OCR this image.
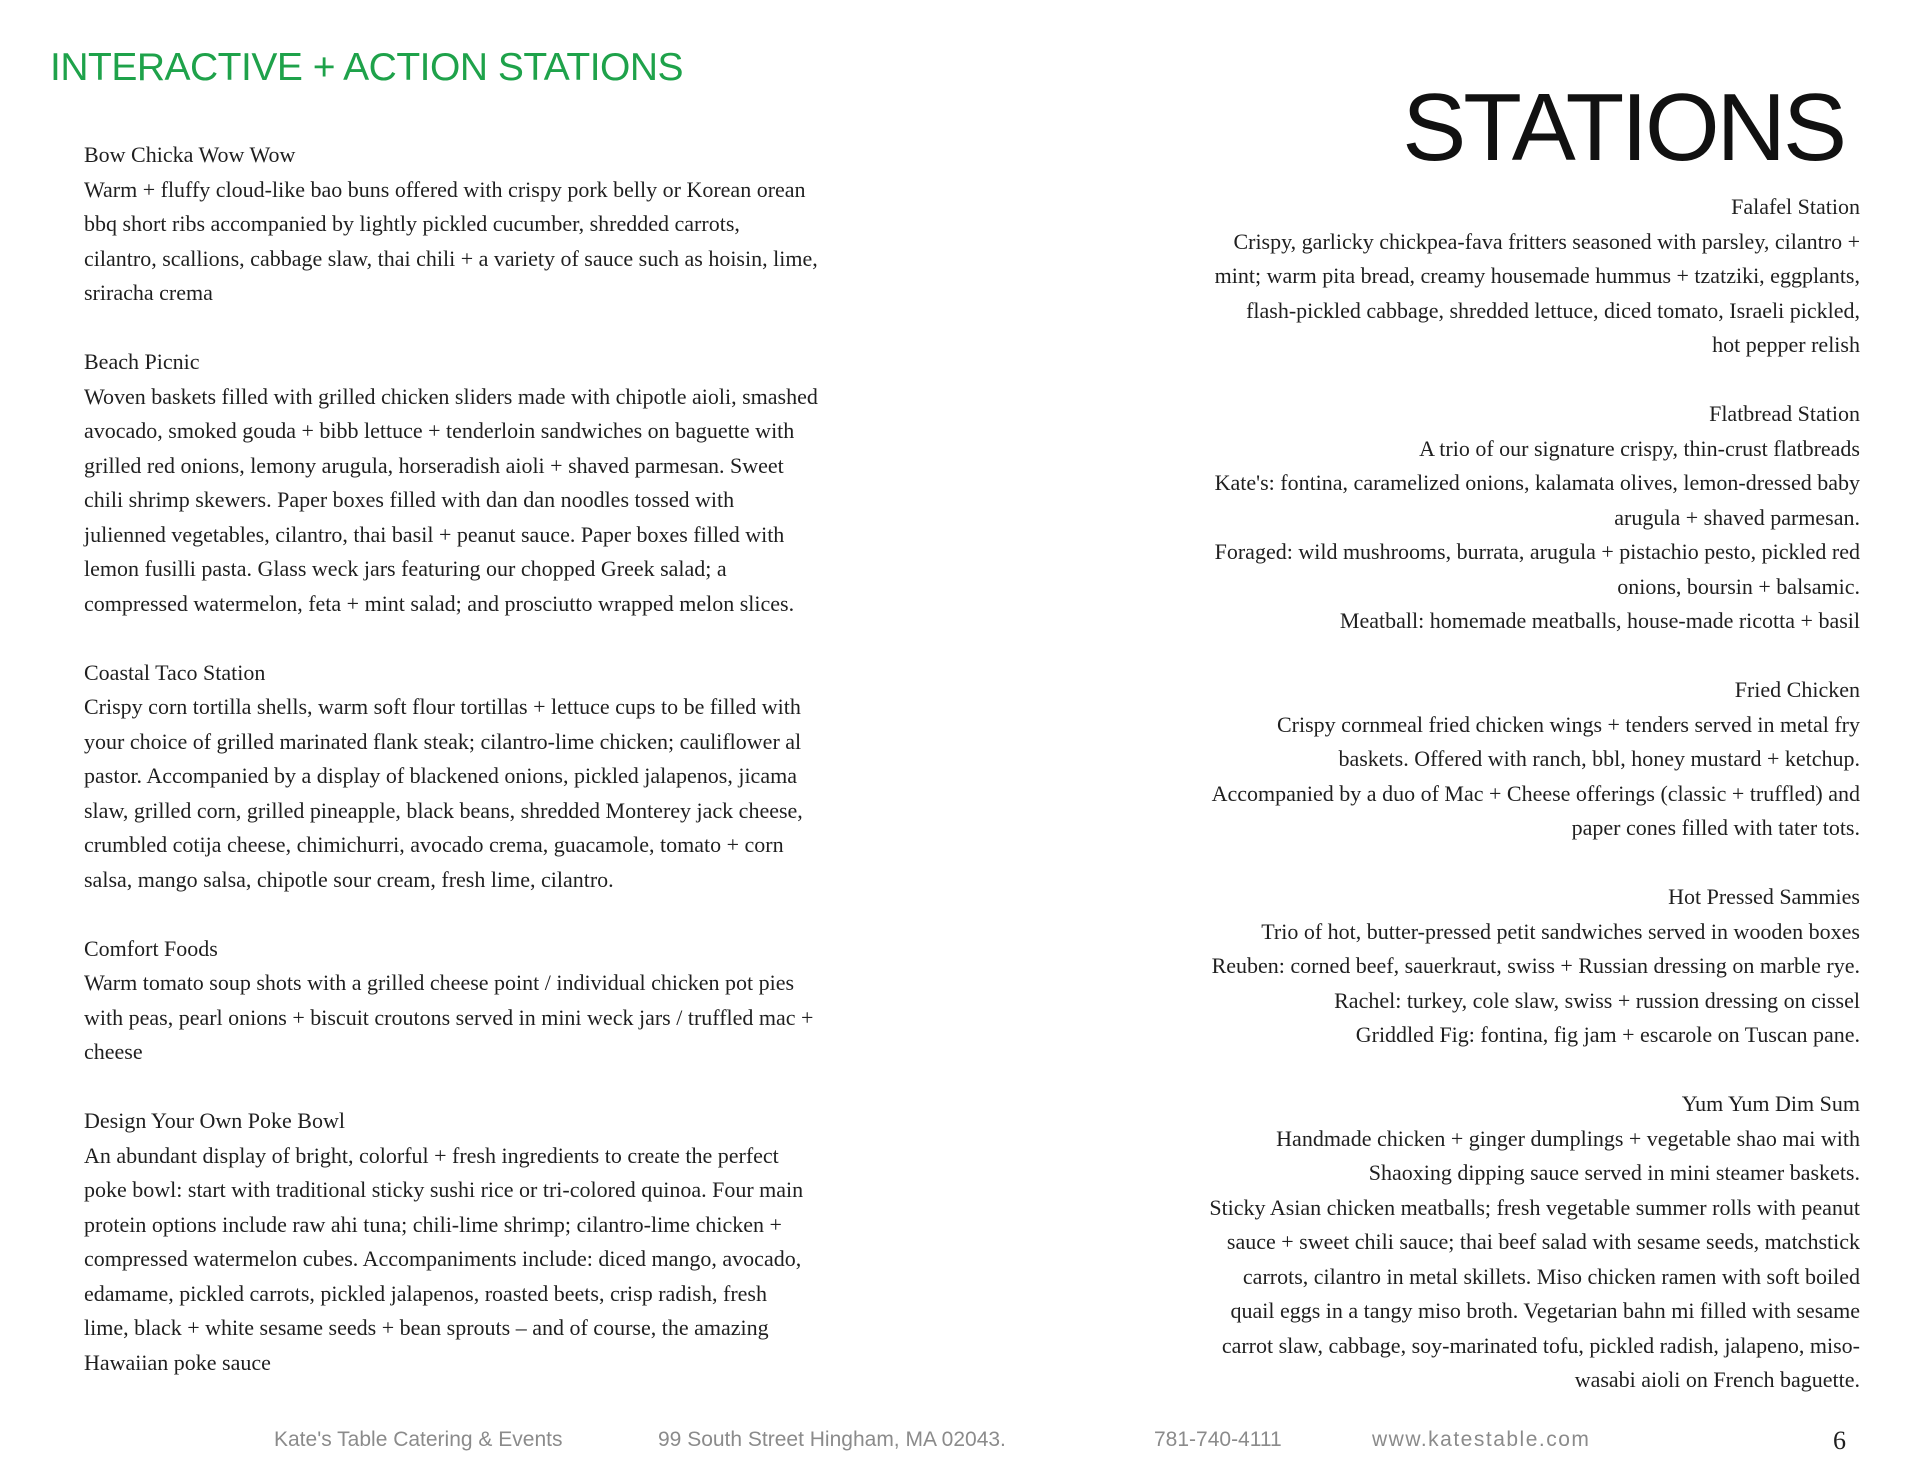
INTERACTIVE + ACTION STATIONS
STATIONS
Bow Chicka Wow Wow
Warm + fluffy cloud-like bao buns offered with crispy pork belly or Korean orean
bbq short ribs accompanied by lightly pickled cucumber, shredded carrots,
cilantro, scallions, cabbage slaw, thai chili + a variety of sauce such as hoisin, lime,
sriracha crema
Beach Picnic
Woven baskets filled with grilled chicken sliders made with chipotle aioli, smashed
avocado, smoked gouda + bibb lettuce + tenderloin sandwiches on baguette with
grilled red onions, lemony arugula, horseradish aioli + shaved parmesan. Sweet
chili shrimp skewers. Paper boxes filled with dan dan noodles tossed with
julienned vegetables, cilantro, thai basil + peanut sauce. Paper boxes filled with
lemon fusilli pasta. Glass weck jars featuring our chopped Greek salad; a
compressed watermelon, feta + mint salad; and prosciutto wrapped melon slices.
Coastal Taco Station
Crispy corn tortilla shells, warm soft flour tortillas + lettuce cups to be filled with
your choice of grilled marinated flank steak; cilantro-lime chicken; cauliflower al
pastor. Accompanied by a display of blackened onions, pickled jalapenos, jicama
slaw, grilled corn, grilled pineapple, black beans, shredded Monterey jack cheese,
crumbled cotija cheese, chimichurri, avocado crema, guacamole, tomato + corn
salsa, mango salsa, chipotle sour cream, fresh lime, cilantro.
Comfort Foods
Warm tomato soup shots with a grilled cheese point / individual chicken pot pies
with peas, pearl onions + biscuit croutons served in mini weck jars / truffled mac +
cheese
Design Your Own Poke Bowl
An abundant display of bright, colorful + fresh ingredients to create the perfect
poke bowl: start with traditional sticky sushi rice or tri-colored quinoa. Four main
protein options include raw ahi tuna; chili-lime shrimp; cilantro-lime chicken +
compressed watermelon cubes. Accompaniments include: diced mango, avocado,
edamame, pickled carrots, pickled jalapenos, roasted beets, crisp radish, fresh
lime, black + white sesame seeds + bean sprouts – and of course, the amazing
Hawaiian poke sauce
Falafel Station
Crispy, garlicky chickpea-fava fritters seasoned with parsley, cilantro +
mint; warm pita bread, creamy housemade hummus + tzatziki, eggplants,
flash-pickled cabbage, shredded lettuce, diced tomato, Israeli pickled,
hot pepper relish
Flatbread Station
A trio of our signature crispy, thin-crust flatbreads
Kate's: fontina, caramelized onions, kalamata olives, lemon-dressed baby
arugula + shaved parmesan.
Foraged: wild mushrooms, burrata, arugula + pistachio pesto, pickled red
onions, boursin + balsamic.
Meatball: homemade meatballs, house-made ricotta + basil
Fried Chicken
Crispy cornmeal fried chicken wings + tenders served in metal fry
baskets. Offered with ranch, bbl, honey mustard + ketchup.
Accompanied by a duo of Mac + Cheese offerings (classic + truffled) and
paper cones filled with tater tots.
Hot Pressed Sammies
Trio of hot, butter-pressed petit sandwiches served in wooden boxes
Reuben: corned beef, sauerkraut, swiss + Russian dressing on marble rye.
Rachel: turkey, cole slaw, swiss + russion dressing on cissel
Griddled Fig: fontina, fig jam + escarole on Tuscan pane.
Yum Yum Dim Sum
Handmade chicken + ginger dumplings + vegetable shao mai with
Shaoxing dipping sauce served in mini steamer baskets.
Sticky Asian chicken meatballs; fresh vegetable summer rolls with peanut
sauce + sweet chili sauce; thai beef salad with sesame seeds, matchstick
carrots, cilantro in metal skillets. Miso chicken ramen with soft boiled
quail eggs in a tangy miso broth. Vegetarian bahn mi filled with sesame
carrot slaw, cabbage, soy-marinated tofu, pickled radish, jalapeno, miso-
wasabi aioli on French baguette.
Kate's Table Catering & Events	99 South Street Hingham, MA 02043.	781-740-4111	www.katestable.com	6
